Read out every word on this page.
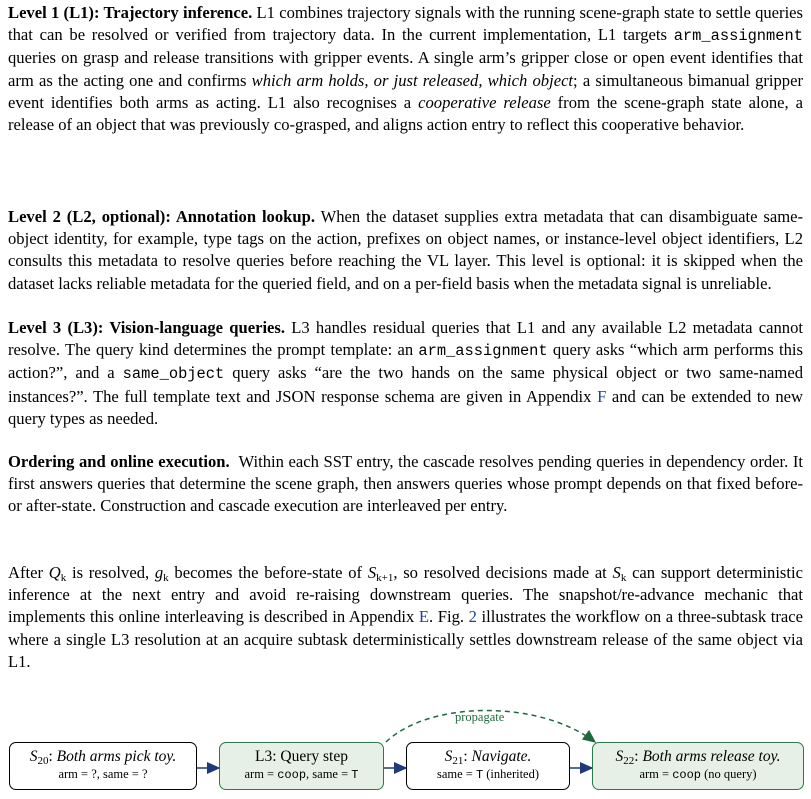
Level 1 (L1): Trajectory inference. L1 combines trajectory signals with the running scene-graph state to settle queries that can be resolved or verified from trajectory data. In the current implementation, L1 targets arm_assignment queries on grasp and release transitions with gripper events. A single arm’s gripper close or open event identifies that arm as the acting one and confirms which arm holds, or just released, which object; a simultaneous bimanual gripper event identifies both arms as acting. L1 also recognises a cooperative release from the scene-graph state alone, a release of an object that was previously co-grasped, and aligns action entry to reflect this cooperative behavior.

Level 2 (L2, optional): Annotation lookup. When the dataset supplies extra metadata that can disambiguate same-object identity, for example, type tags on the action, prefixes on object names, or instance-level object identifiers, L2 consults this metadata to resolve queries before reaching the VL layer. This level is optional: it is skipped when the dataset lacks reliable metadata for the queried field, and on a per-field basis when the metadata signal is unreliable.

Level 3 (L3): Vision-language queries. L3 handles residual queries that L1 and any available L2 metadata cannot resolve. The query kind determines the prompt template: an arm_assignment query asks “which arm performs this action?”, and a same_object query asks “are the two hands on the same physical object or two same-named instances?”. The full template text and JSON response schema are given in Appendix F and can be extended to new query types as needed.

Ordering and online execution.  Within each SST entry, the cascade resolves pending queries in dependency order. It first answers queries that determine the scene graph, then answers queries whose prompt depends on that fixed before- or after-state. Construction and cascade execution are interleaved per entry.

After $Q_k$ is resolved, $g_k$ becomes the before-state of $S_{k+1}$, so resolved decisions made at $S_k$ can support deterministic inference at the next entry and avoid re-raising downstream queries. The snapshot/re-advance mechanic that implements this online interleaving is described in Appendix E. Fig. 2 illustrates the workflow on a three-subtask trace where a single L3 resolution at an acquire subtask deterministically settles downstream release of the same object via L1.

propagate
$S_{20}$: Both arms pick toy.
arm = ?, same = ?
L3: Query step
arm = coop, same = T
$S_{21}$: Navigate.
same = T (inherited)
$S_{22}$: Both arms release toy.
arm = coop (no query)
